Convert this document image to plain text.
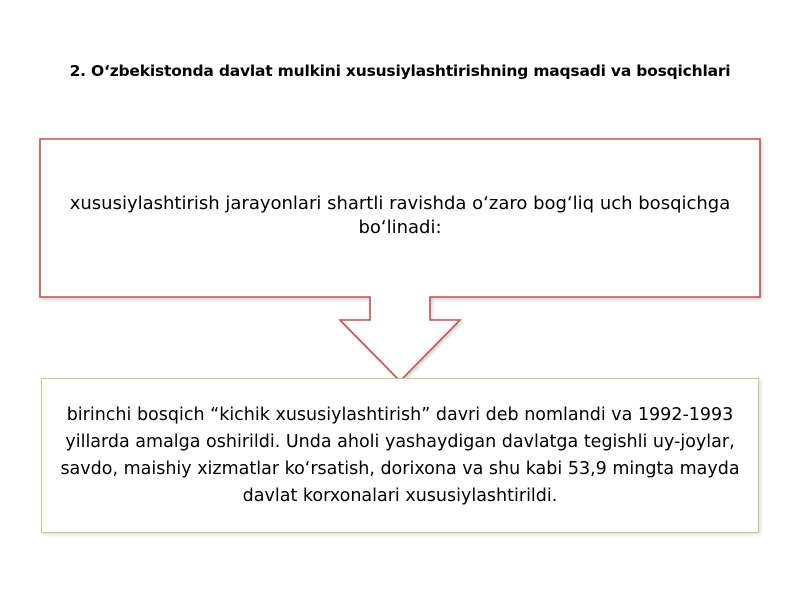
2. O‘zbekistonda davlat mulkini xususiylashtirishning maqsadi va bosqichlari
xususiylashtirish jarayonlari shartli ravishda o‘zaro bog‘liq uch bosqichga bo‘linadi:
birinchi bosqich “kichik xususiylashtirish” davri deb nomlandi va 1992-1993 yillarda amalga oshirildi. Unda aholi yashaydigan davlatga tegishli uy-joylar, savdo, maishiy xizmatlar ko‘rsatish, dorixona va shu kabi 53,9 mingta mayda davlat korxonalari xususiylashtirildi.
